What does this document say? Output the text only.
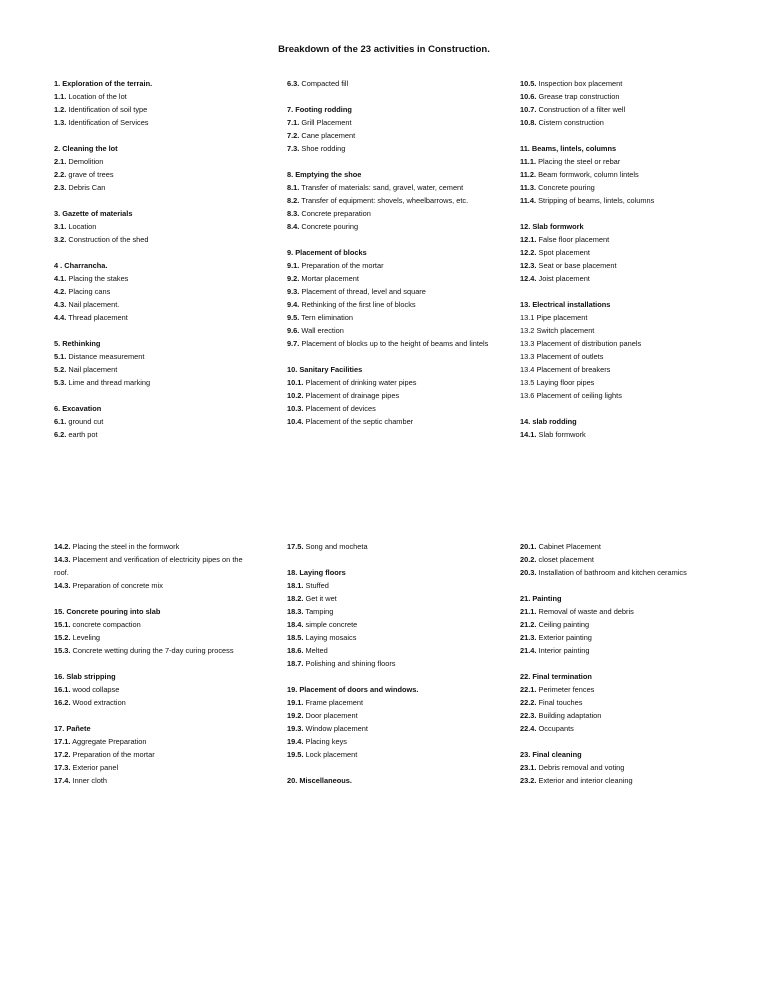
Breakdown of the 23 activities in Construction.
1. Exploration of the terrain.
1.1. Location of the lot
1.2. Identification of soil type
1.3. Identification of Services
2. Cleaning the lot
2.1. Demolition
2.2. grave of trees
2.3. Debris Can
3. Gazette of materials
3.1. Location
3.2. Construction of the shed
4 . Charrancha.
4.1. Placing the stakes
4.2. Placing cans
4.3. Nail placement.
4.4. Thread placement
5. Rethinking
5.1. Distance measurement
5.2. Nail placement
5.3. Lime and thread marking
6. Excavation
6.1. ground cut
6.2. earth pot
6.3. Compacted fill
7. Footing rodding
7.1. Grill Placement
7.2. Cane placement
7.3. Shoe rodding
8. Emptying the shoe
8.1. Transfer of materials: sand, gravel, water, cement
8.2. Transfer of equipment: shovels, wheelbarrows, etc.
8.3. Concrete preparation
8.4. Concrete pouring
9. Placement of blocks
9.1. Preparation of the mortar
9.2. Mortar placement
9.3. Placement of thread, level and square
9.4. Rethinking of the first line of blocks
9.5. Tern elimination
9.6. Wall erection
9.7. Placement of blocks up to the height of beams and lintels
10. Sanitary Facilities
10.1. Placement of drinking water pipes
10.2. Placement of drainage pipes
10.3. Placement of devices
10.4. Placement of the septic chamber
10.5. Inspection box placement
10.6. Grease trap construction
10.7. Construction of a filter well
10.8. Cistern construction
11. Beams, lintels, columns
11.1. Placing the steel or rebar
11.2. Beam formwork, column lintels
11.3. Concrete pouring
11.4. Stripping of beams, lintels, columns
12. Slab formwork
12.1. False floor placement
12.2. Spot placement
12.3. Seat or base placement
12.4. Joist placement
13. Electrical installations
13.1 Pipe placement
13.2 Switch placement
13.3 Placement of distribution panels
13.3 Placement of outlets
13.4 Placement of breakers
13.5 Laying floor pipes
13.6 Placement of ceiling lights
14. slab rodding
14.1. Slab formwork
14.2. Placing the steel in the formwork
14.3. Placement and verification of electricity pipes on the roof.
14.3. Preparation of concrete mix
15. Concrete pouring into slab
15.1. concrete compaction
15.2. Leveling
15.3. Concrete wetting during the 7-day curing process
16. Slab stripping
16.1. wood collapse
16.2. Wood extraction
17. Pañete
17.1. Aggregate Preparation
17.2. Preparation of the mortar
17.3. Exterior panel
17.4. Inner cloth
17.5. Song and mocheta
18. Laying floors
18.1. Stuffed
18.2. Get it wet
18.3. Tamping
18.4. simple concrete
18.5. Laying mosaics
18.6. Melted
18.7. Polishing and shining floors
19. Placement of doors and windows.
19.1. Frame placement
19.2. Door placement
19.3. Window placement
19.4. Placing keys
19.5. Lock placement
20. Miscellaneous.
20.1. Cabinet Placement
20.2. closet placement
20.3. Installation of bathroom and kitchen ceramics
21. Painting
21.1. Removal of waste and debris
21.2. Ceiling painting
21.3. Exterior painting
21.4. Interior painting
22. Final termination
22.1. Perimeter fences
22.2. Final touches
22.3. Building adaptation
22.4. Occupants
23. Final cleaning
23.1. Debris removal and voting
23.2. Exterior and interior cleaning
